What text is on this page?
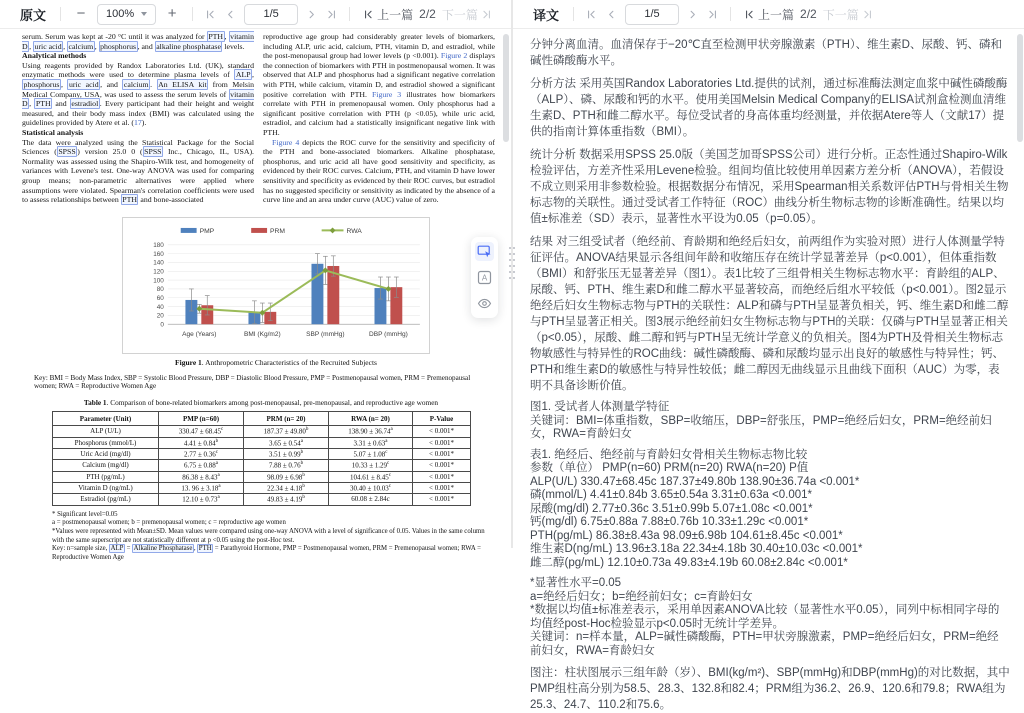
原文	−	100%	+
1/5	上一篇 2/2 下一篇
serum. Serum was kept at -20 °C until it was analyzed for PTH , vitamin D , uric acid , calcium , phosphorus , and alkaline phosphatase levels.
Analytical methods
Using reagents provided by Randox Laboratories Ltd. (UK), standard enzymatic methods were used to determine plasma levels of ALP , phosphorus , uric acid , and calcium . An ELISA kit from Melsin Medical Company, USA, was used to assess the serum levels of vitamin D , PTH and estradiol . Every participant had their height and weight measured, and their body mass index (BMI) was calculated using the guidelines provided by Atere et al. (17).
Statistical analysis
The data were analyzed using the Statistical Package for the Social Sciences ( SPSS ) version 25.0 0 ( SPSS Inc., Chicago, IL, USA). Normality was assessed using the Shapiro-Wilk test, and homogeneity of variances with Levene's test. One-way ANOVA was used for comparing group means; non-parametric alternatives were applied where assumptions were violated. Spearman's correlation coefficients were used to assess relationships between PTH and bone-associated
reproductive age group had considerably greater levels of biomarkers, including ALP, uric acid, calcium, PTH, vitamin D, and estradiol, while the post-menopausal group had lower levels (p <0.001). Figure 2 displays the connection of biomarkers with PTH in postmenopausal women. It was observed that ALP and phosphorus had a significant negative correlation with PTH, while calcium, vitamin D, and estradiol showed a significant positive correlation with PTH. Figure 3 illustrates how biomarkers correlate with PTH in premenopausal women. Only phosphorus had a significant positive correlation with PTH (p <0.05), while uric acid, estradiol, and calcium had a statistically insignificant negative link with PTH.
Figure 4 depicts the ROC curve for the sensitivity and specificity of the PTH and bone-associated biomarkers. Alkaline phosphatase, phosphorus, and uric acid all have good sensitivity and specificity, as evidenced by their ROC curves. Calcium, PTH, and vitamin D have lower sensitivity and specificity as evidenced by their ROC curves, but estradiol has no suggested specificity or sensitivity as indicated by the absence of a curve line and an area under curve (AUC) value of zero.
0
20
40
60
80
100
120
140
160
180
Age (Years)	BMI (Kg/m2)	SBP (mmHg)	DBP (mmHg)
PMP	PRM	RWA
Figure 1. Anthropometric Characteristics of the Recruited Subjects
Key: BMI = Body Mass Index, SBP = Systolic Blood Pressure, DBP = Diastolic Blood Pressure, PMP = Postmenopausal women, PRM = Premenopausal women; RWA = Reproductive Women Age
Table 1. Comparison of bone-related biomarkers among post-menopausal, pre-menopausal, and reproductive age women
Parameter (Unit)	PMP (n=60)	PRM (n= 20)	RWA (n= 20)	P-Value
ALP (U/L)	330.47 ± 68.45$^c$	187.37 ± 49.80$^b$	138.90 ± 36.74$^a$	< 0.001*
Phosphorus (mmol/L)	4.41 ± 0.84$^b$	3.65 ± 0.54$^a$	3.31 ± 0.63$^a$	< 0.001*
Uric Acid (mg/dl)	2.77 ± 0.36$^c$	3.51 ± 0.99$^b$	5.07 ± 1.08$^c$	< 0.001*
Calcium (mg/dl)	6.75 ± 0.88$^a$	7.88 ± 0.76$^b$	10.33 ± 1.29$^c$	< 0.001*
PTH (pg/mL)	86.38 ± 8.43$^a$	98.09 ± 6.98$^b$	104.61 ± 8.45$^c$	< 0.001*
Vitamin D (ng/mL)	13. 96 ± 3.18$^a$	22.34 ± 4.18$^b$	30.40 ± 10.03$^c$	< 0.001*
Estradiol (pg/mL)	12.10 ± 0.73$^a$	49.83 ± 4.19$^b$	60.08 ± 2.84c	< 0.001*
* Significant level=0.05
a = postmenopausal women; b = premenopausal women; c = reproductive age women
*Values were represented with Mean±SD. Mean values were compared using one-way ANOVA with a level of significance of 0.05. Values in the same column with the same superscript are not statistically different at p <0.05 using the post-Hoc test.
Key: n=sample size, ALP = Alkaline Phosphatase , PTH = Parathyroid Hormone, PMP = Postmenopausal women, PRM = Premenopausal women; RWA = Reproductive Women Age
A
译文
1/5	上一篇 2/2 下一篇
分钟分离血清。血清保存于−20℃直至检测甲状旁腺激素（PTH）、维生素D、尿酸、钙、磷和碱性磷酸酶水平。
分析方法 采用英国Randox Laboratories Ltd.提供的试剂，通过标准酶法测定血浆中碱性磷酸酶（ALP）、磷、尿酸和钙的水平。使用美国Melsin Medical Company的ELISA试剂盒检测血清维生素D、PTH和雌二醇水平。每位受试者的身高体重均经测量，并依据Atere等人（文献17）提供的指南计算体重指数（BMI）。
统计分析 数据采用SPSS 25.0版（美国芝加哥SPSS公司）进行分析。正态性通过Shapiro-Wilk检验评估，方差齐性采用Levene检验。组间均值比较使用单因素方差分析（ANOVA），若假设不成立则采用非参数检验。根据数据分布情况，采用Spearman相关系数评估PTH与骨相关生物标志物的关联性。通过受试者工作特征（ROC）曲线分析生物标志物的诊断准确性。结果以均值±标准差（SD）表示，显著性水平设为0.05（p=0.05）。
结果 对三组受试者（绝经前、育龄期和绝经后妇女，前两组作为实验对照）进行人体测量学特征评估。ANOVA结果显示各组间年龄和收缩压存在统计学显著差异（p<0.001），但体重指数（BMI）和舒张压无显著差异（图1）。表1比较了三组骨相关生物标志物水平：育龄组的ALP、尿酸、钙、PTH、维生素D和雌二醇水平显著较高，而绝经后组水平较低（p<0.001）。图2显示绝经后妇女生物标志物与PTH的关联性：ALP和磷与PTH呈显著负相关，钙、维生素D和雌二醇与PTH呈显著正相关。图3展示绝经前妇女生物标志物与PTH的关联：仅磷与PTH呈显著正相关（p<0.05），尿酸、雌二醇和钙与PTH呈无统计学意义的负相关。图4为PTH及骨相关生物标志物敏感性与特异性的ROC曲线：碱性磷酸酶、磷和尿酸均显示出良好的敏感性与特异性；钙、PTH和维生素D的敏感性与特异性较低；雌二醇因无曲线显示且曲线下面积（AUC）为零，表明不具备诊断价值。
图1. 受试者人体测量学特征
关键词：BMI=体重指数，SBP=收缩压，DBP=舒张压，PMP=绝经后妇女，PRM=绝经前妇女，RWA=育龄妇女
表1. 绝经后、绝经前与育龄妇女骨相关生物标志物比较
参数（单位） PMP(n=60) PRM(n=20) RWA(n=20) P值
ALP(U/L) 330.47±68.45c 187.37±49.80b 138.90±36.74a <0.001*
磷(mmol/L) 4.41±0.84b 3.65±0.54a 3.31±0.63a <0.001*
尿酸(mg/dl) 2.77±0.36c 3.51±0.99b 5.07±1.08c <0.001*
钙(mg/dl) 6.75±0.88a 7.88±0.76b 10.33±1.29c <0.001*
PTH(pg/mL) 86.38±8.43a 98.09±6.98b 104.61±8.45c <0.001*
维生素D(ng/mL) 13.96±3.18a 22.34±4.18b 30.40±10.03c <0.001*
雌二醇(pg/mL) 12.10±0.73a 49.83±4.19b 60.08±2.84c <0.001*
*显著性水平=0.05
a=绝经后妇女；b=绝经前妇女；c=育龄妇女
*数据以均值±标准差表示，采用单因素ANOVA比较（显著性水平0.05），同列中标相同字母的均值经post-Hoc检验显示p<0.05时无统计学差异。
关键词：n=样本量，ALP=碱性磷酸酶，PTH=甲状旁腺激素，PMP=绝经后妇女，PRM=绝经前妇女，RWA=育龄妇女
图注：柱状图展示三组年龄（岁）、BMI(kg/m²)、SBP(mmHg)和DBP(mmHg)的对比数据，其中PMP组柱高分别为58.5、28.3、132.8和82.4；PRM组为36.2、26.9、120.6和79.8；RWA组为25.3、24.7、110.2和75.6。
